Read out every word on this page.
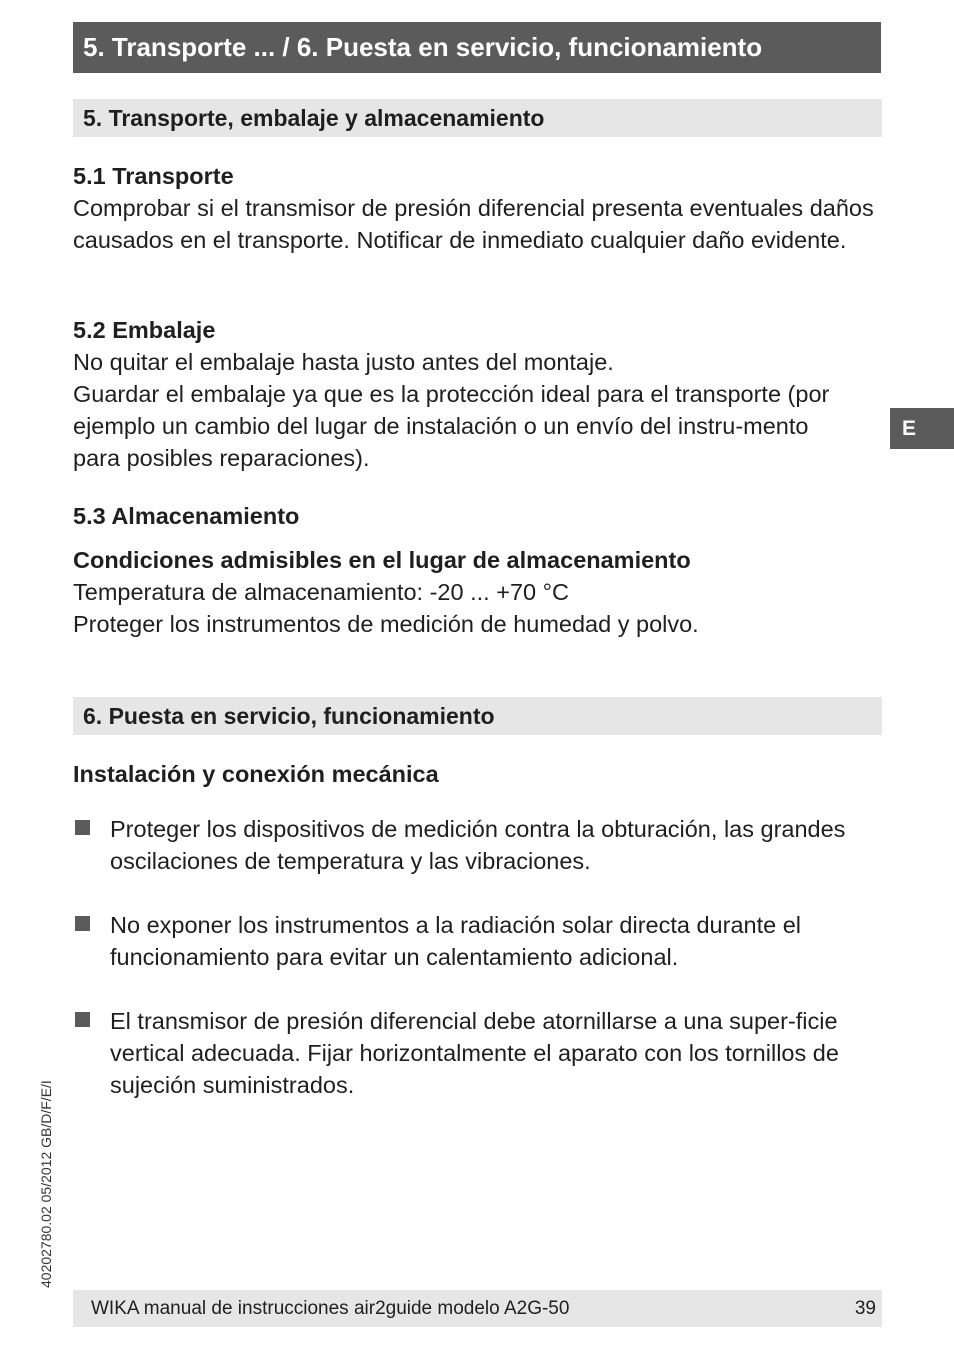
5. Transporte ... / 6. Puesta en servicio, funcionamiento
5. Transporte, embalaje y almacenamiento
5.1 Transporte
Comprobar si el transmisor de presión diferencial presenta eventuales daños causados en el transporte. Notificar de inmediato cualquier daño evidente.
5.2 Embalaje
No quitar el embalaje hasta justo antes del montaje.
Guardar el embalaje ya que es la protección ideal para el transporte (por ejemplo un cambio del lugar de instalación o un envío del instru-mento para posibles reparaciones).
5.3 Almacenamiento
Condiciones admisibles en el lugar de almacenamiento
Temperatura de almacenamiento: -20 ... +70 °C
Proteger los instrumentos de medición de humedad y polvo.
6. Puesta en servicio, funcionamiento
Instalación y conexión mecánica
Proteger los dispositivos de medición contra la obturación, las grandes oscilaciones de temperatura y las vibraciones.
No exponer los instrumentos a la radiación solar directa durante el funcionamiento para evitar un calentamiento adicional.
El transmisor de presión diferencial debe atornillarse a una super-ficie vertical adecuada. Fijar horizontalmente el aparato con los tornillos de sujeción suministrados.
E
40202780.02 05/2012 GB/D/F/E/I
WIKA manual de instrucciones air2guide modelo A2G-50	39
